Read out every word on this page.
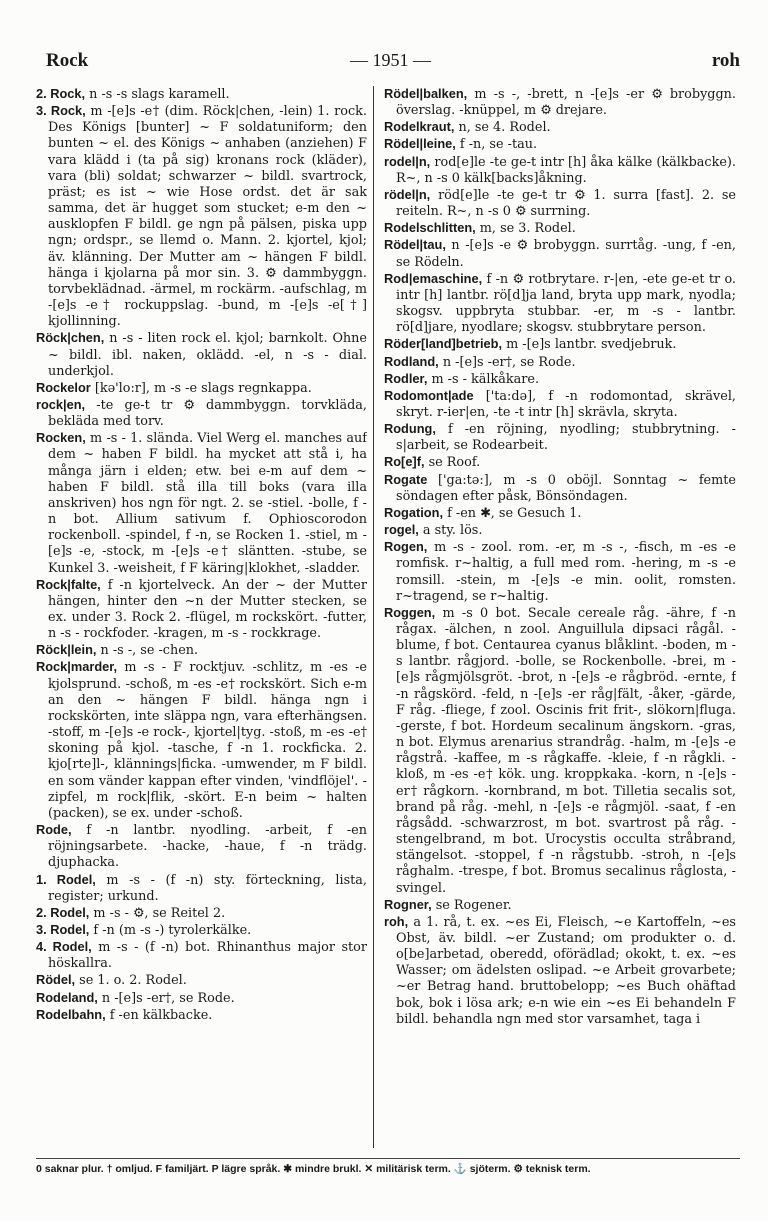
Rock	— 1951 —	roh

2. Rock, n -s -s slags karamell.

3. Rock, m -[e]s -e† (dim. Röck|chen, -lein) 1. rock. Des Königs [bunter] ~ F soldatuniform; den bunten ~ el. des Königs ~ anhaben (anziehen) F vara klädd i (ta på sig) kronans rock (kläder), vara (bli) soldat; schwarzer ~ bildl. svartrock, präst; es ist ~ wie Hose ordst. det är sak samma, det är hugget som stucket; e-m den ~ ausklopfen F bildl. ge ngn på pälsen, piska upp ngn; ordspr., se llemd o. Mann. 2. kjortel, kjol; äv. klänning. Der Mutter am ~ hängen F bildl. hänga i kjolarna på mor sin. 3. ⚙ dammbyggn. torvbeklädnad. -ärmel, m rockärm. -aufschlag, m -[e]s -e† rockuppslag. -bund, m -[e]s -e[†] kjollinning.

Röck|chen, n -s - liten rock el. kjol; barnkolt. Ohne ~ bildl. ibl. naken, oklädd. -el, n -s - dial. underkjol.

Rockelor [kə'lo:r], m -s -e slags regnkappa.

rock|en, -te ge-t tr ⚙ dammbyggn. torvkläda, bekläda med torv.

Rocken, m -s - 1. slända. Viel Werg el. manches auf dem ~ haben F bildl. ha mycket att stå i, ha många järn i elden; etw. bei e-m auf dem ~ haben F bildl. stå illa till boks (vara illa anskriven) hos ngn för ngt. 2. se -stiel. -bolle, f -n bot. Allium sativum f. Ophioscorodon rockenboll. -spindel, f -n, se Rocken 1. -stiel, m -[e]s -e, -stock, m -[e]s -e† släntten. -stube, se Kunkel 3. -weisheit, f F käring|klokhet, -sladder.

Rock|falte, f -n kjortelveck. An der ~ der Mutter hängen, hinter den ~n der Mutter stecken, se ex. under 3. Rock 2. -flügel, m rockskört. -futter, n -s - rockfoder. -kragen, m -s - rockkrage.

Röck|lein, n -s -, se -chen.

Rock|marder, m -s - F rocktjuv. -schlitz, m -es -e kjolsprund. -schoß, m -es -e† rockskört. Sich e-m an den ~ hängen F bildl. hänga ngn i rockskörten, inte släppa ngn, vara efterhängsen. -stoff, m -[e]s -e rock-, kjortel|tyg. -stoß, m -es -e† skoning på kjol. -tasche, f -n 1. rockficka. 2. kjo[rte]l-, klännings|ficka. -umwender, m F bildl. en som vänder kappan efter vinden, 'vindflöjel'. -zipfel, m rock|flik, -skört. E-n beim ~ halten (packen), se ex. under -schoß.

Rode, f -n lantbr. nyodling. -arbeit, f -en röjningsarbete. -hacke, -haue, f -n trädg. djuphacka.

1. Rodel, m -s - (f -n) sty. förteckning, lista, register; urkund.

2. Rodel, m -s - ⚙, se Reitel 2.

3. Rodel, f -n (m -s -) tyrolerkälke.

4. Rodel, m -s - (f -n) bot. Rhinanthus major stor höskallra.

Rödel, se 1. o. 2. Rodel.

Rodeland, n -[e]s -er†, se Rode.

Rodelbahn, f -en kälkbacke.

Rödel|balken, m -s -, -brett, n -[e]s -er ⚙ brobyggn. överslag. -knüppel, m ⚙ drejare.

Rodelkraut, n, se 4. Rodel.

Rödel|leine, f -n, se -tau.

rodel|n, rod[e]le -te ge-t intr [h] åka kälke (kälkbacke). R~, n -s 0 kälk[backs]åkning.

rödel|n, röd[e]le -te ge-t tr ⚙ 1. surra [fast]. 2. se reiteln. R~, n -s 0 ⚙ surrning.

Rodelschlitten, m, se 3. Rodel.

Rödel|tau, n -[e]s -e ⚙ brobyggn. surrtåg. -ung, f -en, se Rödeln.

Rod|emaschine, f -n ⚙ rotbrytare. r-|en, -ete ge-et tr o. intr [h] lantbr. rö[d]ja land, bryta upp mark, nyodla; skogsv. uppbryta stubbar. -er, m -s - lantbr. rö[d]jare, nyodlare; skogsv. stubbrytare person.

Röder[land]betrieb, m -[e]s lantbr. svedjebruk.

Rodland, n -[e]s -er†, se Rode.

Rodler, m -s - kälkåkare.

Rodomont|ade ['ta:də], f -n rodomontad, skrävel, skryt. r-ier|en, -te -t intr [h] skrävla, skryta.

Rodung, f -en röjning, nyodling; stubbrytning. -s|arbeit, se Rodearbeit.

Ro[e]f, se Roof.

Rogate ['ga:tə:], m -s 0 oböjl. Sonntag ~ femte söndagen efter påsk, Bönsöndagen.

Rogation, f -en ✱, se Gesuch 1.

rogel, a sty. lös.

Rogen, m -s - zool. rom. -er, m -s -, -fisch, m -es -e romfisk. r~haltig, a full med rom. -hering, m -s -e romsill. -stein, m -[e]s -e min. oolit, romsten. r~tragend, se r~haltig.

Roggen, m -s 0 bot. Secale cereale råg. -ähre, f -n rågax. -älchen, n zool. Anguillula dipsaci rågål. -blume, f bot. Centaurea cyanus blåklint. -boden, m -s lantbr. rågjord. -bolle, se Rockenbolle. -brei, m -[e]s rågmjölsgröt. -brot, n -[e]s -e rågbröd. -ernte, f -n rågskörd. -feld, n -[e]s -er råg|fält, -åker, -gärde, F råg. -fliege, f zool. Oscinis frit frit-, slökorn|fluga. -gerste, f bot. Hordeum secalinum ängskorn. -gras, n bot. Elymus arenarius strandråg. -halm, m -[e]s -e rågstrå. -kaffee, m -s rågkaffe. -kleie, f -n rågkli. -kloß, m -es -e† kök. ung. kroppkaka. -korn, n -[e]s -er† rågkorn. -kornbrand, m bot. Tilletia secalis sot, brand på råg. -mehl, n -[e]s -e rågmjöl. -saat, f -en rågsådd. -schwarzrost, m bot. svartrost på råg. -stengelbrand, m bot. Urocystis occulta stråbrand, stängelsot. -stoppel, f -n rågstubb. -stroh, n -[e]s råghalm. -trespe, f bot. Bromus secalinus råglosta, -svingel.

Rogner, se Rogener.

roh, a 1. rå, t. ex. ~es Ei, Fleisch, ~e Kartoffeln, ~es Obst, äv. bildl. ~er Zustand; om produkter o. d. o[be]arbetad, oberedd, oförädlad; okokt, t. ex. ~es Wasser; om ädelsten oslipad. ~e Arbeit grovarbete; ~er Betrag hand. bruttobelopp; ~es Buch ohäftad bok, bok i lösa ark; e-n wie ein ~es Ei behandeln F bildl. behandla ngn med stor varsamhet, taga i

0 saknar plur. † omljud. F familjärt. P lägre språk. ✱ mindre brukl. ✕ militärisk term. ⚓ sjöterm. ⚙ teknisk term.
